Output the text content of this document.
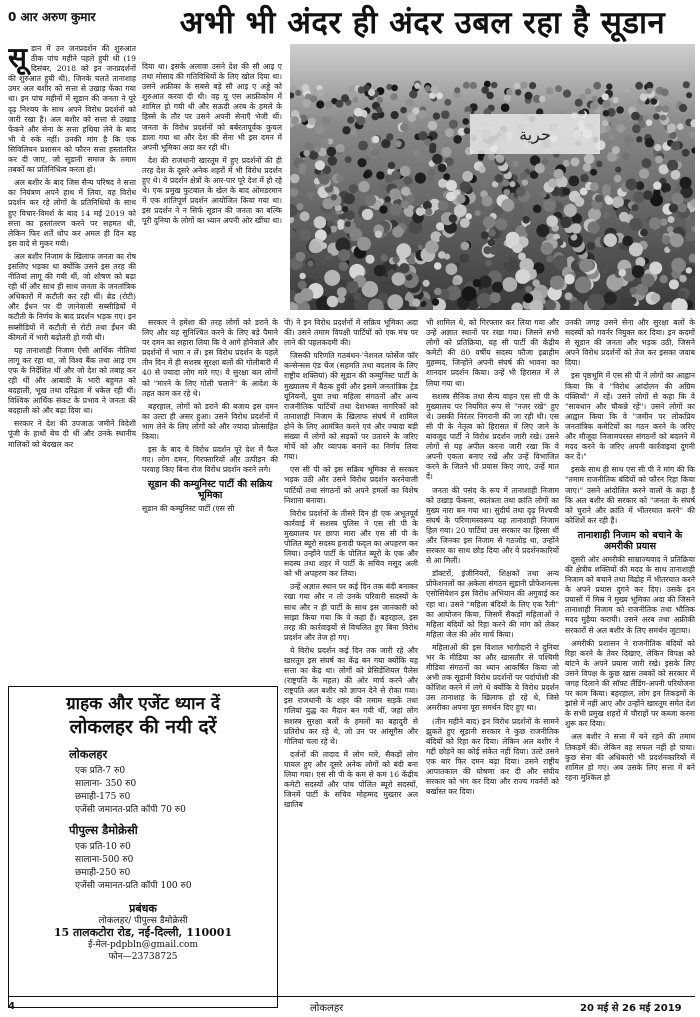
0 आर अरुण कुमार	अभी भी अंदर ही अंदर उबल रहा है सूडान

सूडान में उन जनप्रदर्शन की शुरुआत ठीक पांच महीने पहले हुयी थी (19 दिसंबर, 2018 को इन जनप्रदर्शनों की शुरुआत हुयी थी), जिनके चलते तानाशाह उमर अल बशीर को सत्ता से उखाड़ फेंका गया था। इन पांच महीनों में सूडान की जनता ने पूरे दृढ़ निश्चय के साथ अपने विरोध प्रदर्शनों को जारी रखा है। अल बशीर को सत्ता से उखाड़ फेंकने और सेना के सत्ता हथिया लेने के बाद भी ये रुके नहीं। उनकी मांग है कि एक सिविलियन प्रशासन को फौरन सत्ता हस्तांतरित कर दी जाए, जो सूडानी समाज के तमाम तबकों का प्रतिनिधित्व करता हो।

अल बशीर के बाद जिस सैन्य परिषद ने सत्ता का नियंत्रण अपने हाथ में लिया, वह विरोध प्रदर्शन कर रहे लोगों के प्रतिनिधियों के साथ हुए विचार-विमर्श के बाद 14 मई 2019 को सत्ता का हस्तांतरण करने पर सहमत थी, लेकिन फिर शर्तें थोप कर अमल ही दिन बह इस वादे से मुकर गयी।

अल बशीर निजाम के खिलाफ जनता का रोष इसलिए भड़का था क्योंकि उसने इस तरह की नीतियां लागू की गयी थीं, जो शोषण को बढ़ा रही थीं और साथ ही साथ जनता के जनतांत्रिक अधिकारों में कटौती कर रही थीं। ब्रेड (रोटी) और ईंधन पर दी जानेवाली सब्सीडियों में कटौती के निर्णय के बाद प्रदर्शन भड़क गए। इन सब्सीडियों में कटौती से रोटी तथा ईंधन की कीमतों में भारी बढ़ोतरी हो गयी थी।

यह तानाशाही निजाम ऐसी आर्थिक नीतियां लागू कर रहा था, जो विश्व बैंक तथा आइ एम एफ के निर्देशित थीं और जो देश को तबाह कर रही थीं और आबादी के भारी बहुमत को बदहाली, भूख तथा दरिद्रता में धकेल रही थीं। विश्विक आर्थिक संकट के प्रभाव ने जनता की बदहाली को और बढ़ा दिया था।

सरकार ने देश की उपजाऊ जमीनें विदेशी पूंजी के हाथों बेच दी थीं और उनके स्थानीय मालिकों को बेदखल कर

दिया था। इसके अलावा उसने देश की सौ आइ ए तथा मोसाद की गतिविधियों के लिए खोल दिया था। उसने अफ्रीका के सबसे बड़े सौ आइ ए अड्डे को शुरुआत करवा दी थी। वह यू एस आफ्रीकोम में शामिल हो गयी थी और सऊदी अरब के हमले के हिस्से के तौर पर उसने अपनी सेनाएँ भेजी थीं। जनता के विरोध प्रदर्शनों को बर्बरतापूर्वक कुचल डाला गया था और देश की सेना भी इस दमन में अपनी भूमिका अदा कर रही थी।

देश की राजधानी खारतूम में हुए प्रदर्शनों की ही तरह देश के दूसरे अनेक शहरों में भी विरोध प्रदर्शन हुए थे। ये प्रदर्शन क्षेत्रों के आर-पार पूरे देश में हो रहे थे। एक प्रमुख फुटबाल के खेल के बाद ओमडरमान में एक शांतिपूर्ण प्रदर्शन आयोजित किया गया था। इस प्रदर्शन ने न सिर्फ सूडान की जनता का बल्कि पूरी दुनिया के लोगों का ध्यान अपनी ओर खींचा था।

حرية

सरकार ने हमेशा की तरह लोगों को डराने के लिए और यह सुनिश्चित करने के लिए बड़े पैमाने पर दमन का सहारा लिया कि वे आगे होनेवाले और प्रदर्शनों में भाग न लें। इस विरोध प्रदर्शन के पहले तीन दिन में ही सशस्त्र सुरक्षा बलों की गोलीबारी में 40 से ज्यादा लोग मारे गए। ये सुरक्षा बल लोगों को "मारने के लिए गोली चलाने" के आदेश के तहत काम कर रहे थे।

बहरहाल, लोगों को डराने की बजाय इस दमन का उल्टा ही असर हुआ। उसने विरोध प्रदर्शनों में भाग लेने के लिए लोगों को और ज्यादा प्रोत्साहित किया।

इस के बाद ये विरोध प्रदर्शन पूरे देश में फैल गए। लोग दमन, गिरफ्तारियों और उत्पीड़न की परवाह किए बिना रोज विरोध प्रदर्शन करने लगे।

सूडान की कम्युनिस्ट पार्टी की सक्रिय भूमिका

सूडान की कम्युनिस्ट पार्टी (एस सी

पी) ने इन विरोध प्रदर्शनों में सक्रिय भूमिका अदा की। उसने तमाम विपक्षी पार्टियों को एक मंच पर लाने की पहलकदमी की।

जिसकी परिणति गठबंधन-'नेशनल फोर्सेज फॉर कन्सेन्सस एंड चेंज (सहमति तथा बदलाव के लिए राष्ट्रीय शक्तियां) की सूडान की कम्युनिस्ट पार्टी के मुख्यालय में बैठक हुयी और इसमें जनतांत्रिक ट्रेड यूनियनों, युवा तथा महिला संगठनों और अन्य राजनीतिक पार्टियों तथा देशभक्त नागरिकों को तानाशाही निजाम के खिलाफ संघर्ष में शामिल होने के लिए आमंत्रित करने एवं और ज्यादा बड़ी संख्या में लोगों को सड़कों पर उतारने के जरिए मोर्चे को और व्यापक बनाने का निर्णय लिया गया।

एस सी पी को इस सक्रिय भूमिका से सरकार भड़क उठी और उसने विरोध प्रदर्शन करनेवाली पार्टियों तथा संगठनों को अपने हमलों का विशेष निशाना बनाया।

विरोध प्रदर्शनों के तीसरे दिन ही एक अभूतपूर्व कार्रवाई में सशस्त्र पुलिस ने एस सी पी के मुख्यालय पर छापा मारा और एस सी पी के पोलित ब्यूरो सदस्य हनादी फद्ल का अपहरण कर लिया। उन्होंने पार्टी के पोलित ब्यूरो के एक और सदस्य तथा शहर में पार्टी के सचिव मसूद अली को भी अपहरण कर लिया।

उन्हें अज्ञात स्थान पर कई दिन तक बंदी बनाकर रखा गया और न तो उनके परिवारी सदस्यों के साथ और न ही पार्टी के साथ इस जानकारी को साझा किया गया कि वे कहां हैं। बहरहाल, इस तरह की कार्रवाइयों से विचलित हुए बिना विरोध प्रदर्शन और तेज हो गए।

ये विरोध प्रदर्शन कई दिन तक जारी रहे और खारतूम इस संघर्ष का केंद्र बन गया क्योंकि यह सत्ता का केंद्र था। लोगों को प्रेसिडेंशियल पैलेस (राष्ट्रपति के महल) की ओर मार्च करने और राष्ट्रपति अल बशीर को ज्ञापन देने से रोका गया। इस राजधानी के शहर की तमाम सड़कें तथा गलियां युद्ध का मैदान बन गयी थीं, जहां लोग सशस्त्र सुरक्षा बलों के हमलों का बहादुरी से प्रतिरोध कर रहे थे, जो उन पर आंसूगैस और गोलियां चला रहे थे।

दर्जनों की तादाद में लोग मारे, सैकड़ों लोग घायल हुए और दूसरे अनेक लोगों को बंदी बना लिया गया। एस सी पी के कम से कम 16 केंद्रीय कमेटी सदस्यों और पांच पोलित ब्यूरो सदस्यों, जिनमें पार्टी के सचिव मोहम्मद मुख्तार अल खातिब

भी शामिल थे, को गिरफ्तार कर लिया गया और उन्हें अज्ञात स्थानों पर रखा गया। जिसने सभी लोगों को प्रतिक्रिया, यह सी पार्टी की केंद्रीय कमेटी की 80 वर्षीय सदस्य फौजा इब्राहीम मुहम्मद, जिन्होंने अपनी संघर्ष की भावना का शानदार प्रदर्शन किया। उन्हें भी हिरासत में ले लिया गया था।

सशस्त्र सैनिक तथा सैन्य वाहन एस सी पी के मुख्यालय पर नियमित रूप से "नजर रखे" हुए थे। उसकी निरंतर निगरानी की जा रही थी। एस सी पी के नेतृत्व को हिरासत में लिए जाने के बावजूद पार्टी ने विरोध प्रदर्शन जारी रखे। उसने लोगों से यह अपील करना जारी रखा कि वे अपनी एकता बनाए रखें और उन्हें विभाजित करने के जितने भी प्रयास किए जाएं, उन्हें मात दें।

जनता की पसंद के रूप में तानाशाही निजाम को उखाड़ फेंकना, स्वतंत्रता तथा क्रांति लोगों का मुख्य नारा बन गया था। सुदीर्घ तथा दृढ़ निश्चयी संघर्ष के परिणामस्वरूप यह तानाशाही निजाम हिल गया। 20 पार्टियां उस सरकार का हिस्सा थीं और जिनका इस निजाम से गठजोड़ था, उन्होंने सरकार का साथ छोड़ दिया और वे प्रदर्शनकारियों से आ मिलीं।

डॉक्टरों, इंजीनियरों, शिक्षकों तथा अन्य प्रोफेशनलों का अकेला संगठन सूडानी प्रोफेशनल्स एसोसियेशन इस विरोध अभियान की अगुवाई कर रहा था। उसने "महिला बंदियों के लिए एक रैली" का आयोजन किया, जिसमें सैकड़ों महिलाओं ने महिला बंदियों को रिहा करने की मांग को लेकर महिला जेल की ओर मार्च किया।

महिलाओं की इस विशाल भागीदारी ने दुनिया भर के मीडिया का और खासतौर से पश्चिमी मीडिया संगठनों का ध्यान आकर्षित किया जो अभी तक सूडानी विरोध प्रदर्शनों पर पर्दापोशी की कोशिश करने में लगे थे क्योंकि ये विरोध प्रदर्शन उस तानाशाह के खिलाफ हो रहे थे, जिसे अमरीका अपना पूरा समर्थन दिए हुए था।

(तीन महीने बाद) इन विरोध प्रदर्शनों के सामने झुकते हुए सूडानी सरकार ने कुछ राजनीतिक बंदियों को रिहा कर दिया। लेकिन अल बशीर ने गद्दी छोड़ने का कोई संकेत नहीं दिया। उल्टे उसने एक बार फिर दमन बढ़ा दिया। उसने राष्ट्रीय आपातकाल की घोषणा कर दी और संघीय सरकार को भंग कर दिया और राज्य गवर्नरों को बर्खास्त कर दिया।

उनकी जगह उसने सेना और सुरक्षा बलों के सदस्यों को गवर्नर नियुक्त कर दिया। इन कदमों से सूडान की जनता और भड़क उठी, जिसने अपने विरोध प्रदर्शनों को तेज कर इसका जवाब दिया।

इस पृष्ठभूमि में एस सी पी ने लोगों का आह्वान किया कि वे "विरोध आंदोलन की अग्रिम पंक्तियों" में रहें। उसने लोगों से कहा कि वे "सावधान और चौकन्ने रहें"। उसने लोगों का आह्वान किया कि वे "जमीन पर लोकप्रिय जनतांत्रिक कमेटियों का गठन करने के जरिए और मौजूदा निजामपरस्त संगठनों को बदलने में मदद करने के जरिए अपनी कार्रवाइयां दुगनी कर दें।"

इसके साथ ही साथ एस सी पी ने मांग की कि "तमाम राजनीतिक बंदियों को फौरन रिहा किया जाए।" उसने आंदोलित करने वालों के कहा है कि अल बशीर की सरकार को "जनता के संघर्ष को चुराने और क्रांति में भीतरघात करने" की कोशिशें कर रही हैं।

तानाशाही निजाम को बचाने के अमरीकी प्रयास

दूसरी ओर अमरीकी साम्राज्यवाद ने प्रतिक्रिया की क्षेत्रीय शक्तियों की मदद के साथ तानाशाही निजाम को बचाने तथा विद्रोह में भीतरघात करने के अपने प्रयास दुगने कर दिए। उसके इन प्रयासों में मिस्र ने मुख्य भूमिका अदा की जिसने तानाशाही निजाम को राजनीतिक तथा भौतिक मदद मुहैया करायी। उसने अरब तथा अफ्रीकी सरकारों से अल बशीर के लिए समर्थन जुटाया।

अमरीकी प्रशासन ने राजनीतिक बंदियों को रिहा करने के तेवर दिखाए, लेकिन विपक्ष को बांटने के अपने प्रयास जारी रखे। इसके लिए उसने विपक्ष के कुछ खास तबकों को सरकार में जगह दिलाने की सॉफ्ट लैंडिंग-अपनी परियोजना पर काम किया। बहरहाल, लोग इन तिकड़मों के झांसे में नहीं आए और उन्होंने खारतूम समेत देश के सभी प्रमुख शहरों में चौराहों पर कब्जा करना शुरू कर दिया।

अल बशीर ने सत्ता में बने रहने की तमाम तिकड़में कीं। लेकिन वह सफल नहीं हो पाया। कुछ सेना की अधिकारी भी प्रदर्शनकारियों में शामिल हो गए। अब उसके लिए सत्ता में बने रहना मुश्किल हो

ग्राहक और एजेंट ध्यान दें
लोकलहर की नयी दरें
लोकलहर
एक प्रति-7 रु0
सालाना- 350 रु0
छमाही-175 रु0
एजेंसी जमानत-प्रति कॉपी 70 रु0
पीपुल्स डैमोक्रेसी
एक प्रति-10 रु0
सालाना-500 रु0
छमाही-250 रु0
एजेंसी जमानत-प्रति कॉपी 100 रु0
प्रबंधक
लोकलहर/ पीपुल्स डैमोक्रेसी
15 तालकटोरा रोड, नई-दिल्ली, 110001
ई-मेल-pdpbln@gmail.com
फोन—23738725
4	लोकलहर	20 मई से 26 मई 2019
